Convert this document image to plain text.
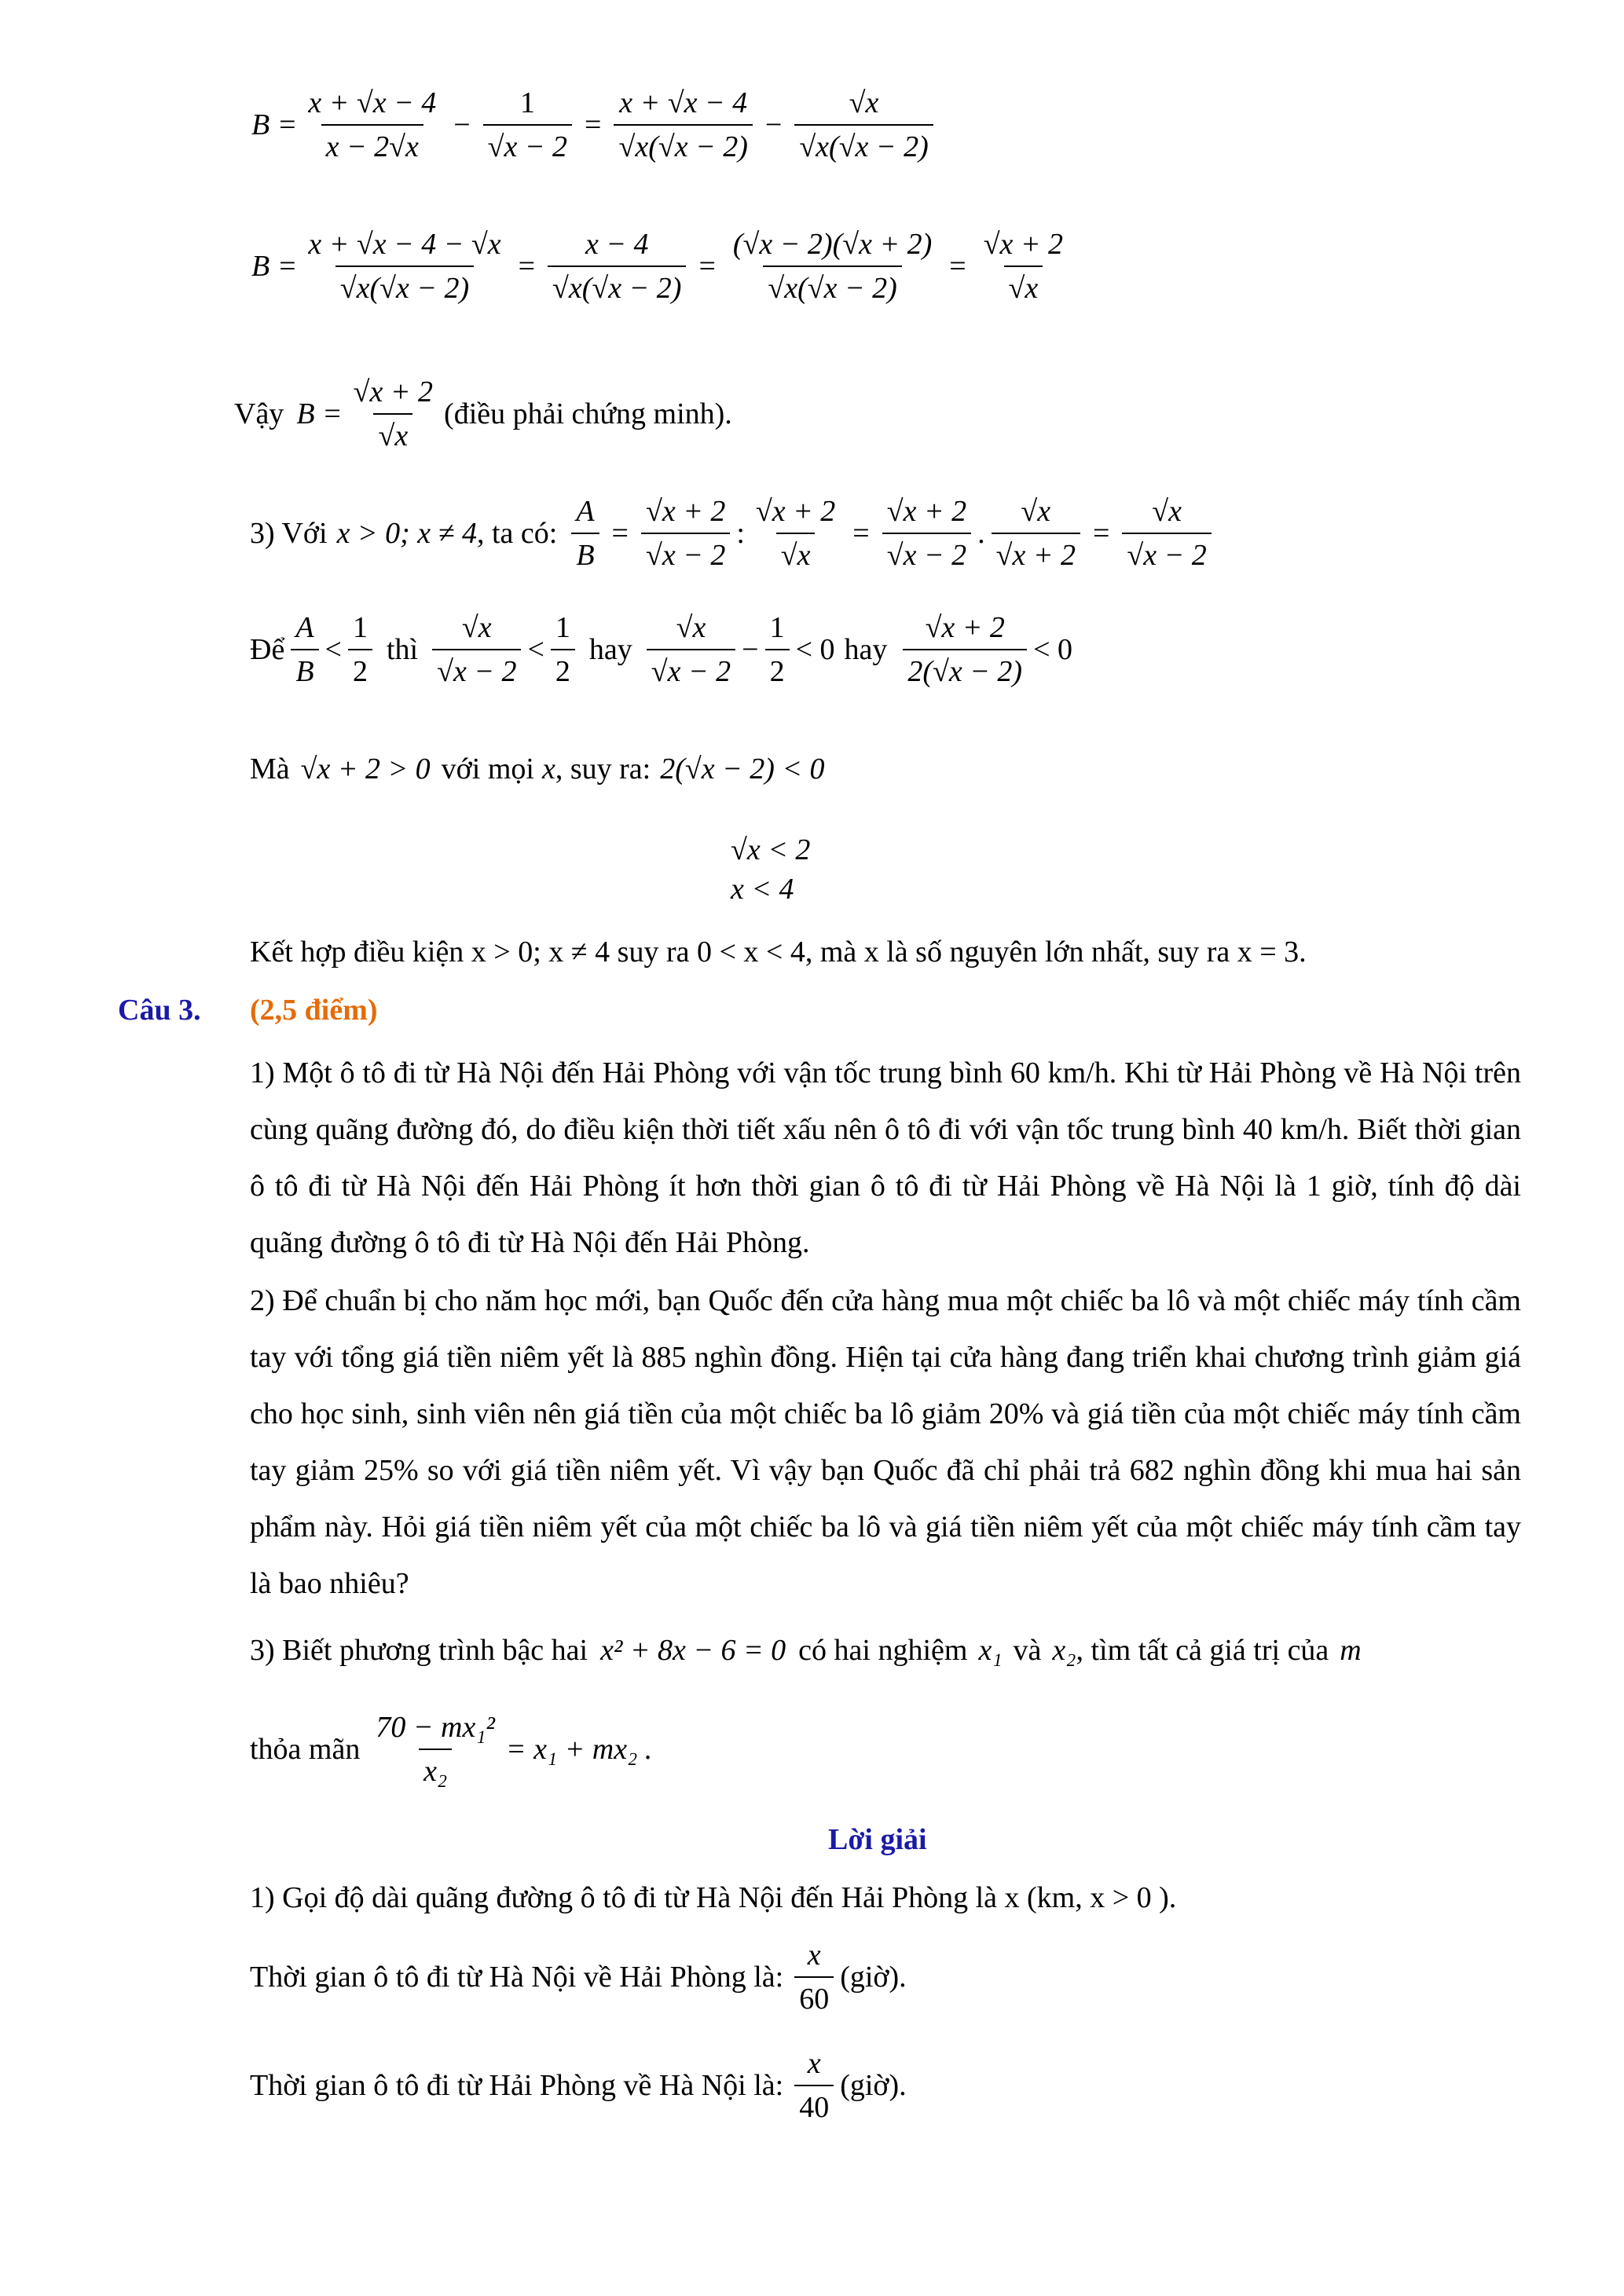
$B = \frac{x + √x - 4}{x - 2√x} - \frac{1}{√x - 2} = \frac{x + √x - 4}{√x(√x - 2)} - \frac{√x}{√x(√x - 2)}$
$B = \frac{x + √x - 4 - √x}{√x(√x - 2)} = \frac{x - 4}{√x(√x - 2)} = \frac{(√x - 2)(√x + 2)}{√x(√x - 2)} = \frac{√x + 2}{√x}$
Vậy $B = \frac{√x + 2}{√x}$ (điều phải chứng minh).
3) Với x > 0; x ≠ 4 , ta có: $\frac{A}{B} = \frac{√x + 2}{√x - 2}$ : $\frac{√x + 2}{√x} = \frac{√x + 2}{√x - 2}$ . $\frac{√x}{√x + 2} = \frac{√x}{√x - 2}$
Để $\frac{A}{B} < \frac{1}{2}$ thì $\frac{√x}{√x - 2} < \frac{1}{2}$ hay $\frac{√x}{√x - 2} - \frac{1}{2} < 0$ hay $\frac{√x + 2}{2(√x - 2)} < 0$
Mà √x + 2 > 0 với mọi x , suy ra: 2(√x − 2) < 0
√x < 2
x < 4
Kết hợp điều kiện x > 0; x ≠ 4 suy ra 0 < x < 4, mà x là số nguyên lớn nhất, suy ra x = 3.
Câu 3. (2,5 điểm)
1) Một ô tô đi từ Hà Nội đến Hải Phòng với vận tốc trung bình 60 km/h. Khi từ Hải Phòng về Hà Nội trên cùng quãng đường đó, do điều kiện thời tiết xấu nên ô tô đi với vận tốc trung bình 40 km/h. Biết thời gian ô tô đi từ Hà Nội đến Hải Phòng ít hơn thời gian ô tô đi từ Hải Phòng về Hà Nội là 1 giờ, tính độ dài quãng đường ô tô đi từ Hà Nội đến Hải Phòng.
2) Để chuẩn bị cho năm học mới, bạn Quốc đến cửa hàng mua một chiếc ba lô và một chiếc máy tính cầm tay với tổng giá tiền niêm yết là 885 nghìn đồng. Hiện tại cửa hàng đang triển khai chương trình giảm giá cho học sinh, sinh viên nên giá tiền của một chiếc ba lô giảm 20% và giá tiền của một chiếc máy tính cầm tay giảm 25% so với giá tiền niêm yết. Vì vậy bạn Quốc đã chỉ phải trả 682 nghìn đồng khi mua hai sản phẩm này. Hỏi giá tiền niêm yết của một chiếc ba lô và giá tiền niêm yết của một chiếc máy tính cầm tay là bao nhiêu?
3) Biết phương trình bậc hai x² + 8x − 6 = 0 có hai nghiệm x₁ và x₂ , tìm tất cả giá trị của m
thỏa mãn $\frac{\text{70 − mx₁²}}{\text{x₂}} = x_1 + mx_2$ .
Lời giải
1) Gọi độ dài quãng đường ô tô đi từ Hà Nội đến Hải Phòng là x (km, x > 0 ).
Thời gian ô tô đi từ Hà Nội về Hải Phòng là: $\frac{x}{60}$ (giờ).
Thời gian ô tô đi từ Hải Phòng về Hà Nội là: $\frac{x}{40}$ (giờ).
